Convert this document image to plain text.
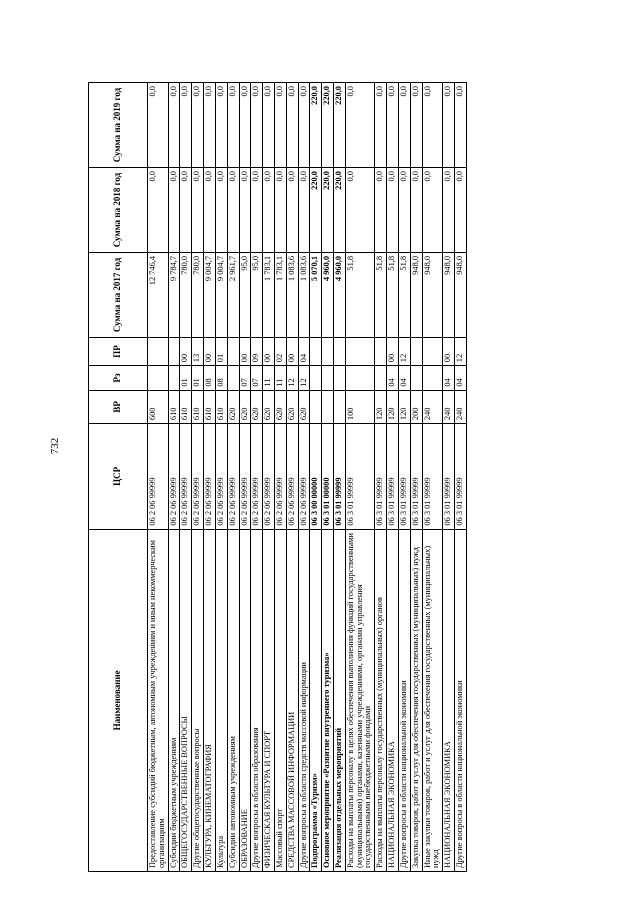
732
Наименование	ЦСР	ВР	Рз	ПР	Сумма на 2017 год	Сумма на 2018 год	Сумма на 2019 год
Предоставление субсидий бюджетным, автономным учреждениям и иным некоммерческим организациям	06 2 06 99999	600			12 746,4	0,0	0,0
Субсидии бюджетным учреждениям	06 2 06 99999	610			9 784,7	0,0	0,0
ОБЩЕГОСУДАРСТВЕННЫЕ ВОПРОСЫ	06 2 06 99999	610	01	00	780,0	0,0	0,0
Другие общегосударственные вопросы	06 2 06 99999	610	01	13	780,0	0,0	0,0
КУЛЬТУРА, КИНЕМАТОГРАФИЯ	06 2 06 99999	610	08	00	9 004,7	0,0	0,0
Культура	06 2 06 99999	610	08	01	9 004,7	0,0	0,0
Субсидии автономным учреждениям	06 2 06 99999	620			2 961,7	0,0	0,0
ОБРАЗОВАНИЕ	06 2 06 99999	620	07	00	95,0	0,0	0,0
Другие вопросы в области образования	06 2 06 99999	620	07	09	95,0	0,0	0,0
ФИЗИЧЕСКАЯ КУЛЬТУРА И СПОРТ	06 2 06 99999	620	11	00	1 783,1	0,0	0,0
Массовый спорт	06 2 06 99999	620	11	02	1 783,1	0,0	0,0
СРЕДСТВА МАССОВОЙ ИНФОРМАЦИИ	06 2 06 99999	620	12	00	1 083,6	0,0	0,0
Другие вопросы в области средств массовой информации	06 2 06 99999	620	12	04	1 083,6	0,0	0,0
Подпрограмма «Туризм»	06 3 00 00000				5 070,1	220,0	220,0
Основное мероприятие «Развитие внутреннего туризма»	06 3 01 00000				4 960,0	220,0	220,0
Реализация отдельных мероприятий	06 3 01 99999				4 960,0	220,0	220,0
Расходы на выплаты персоналу в целях обеспечения выполнения функций государственными (муниципальными) органами, казенными учреждениями, органами управления государственными внебюджетными фондами	06 3 01 99999	100			51,8	0,0	0,0
Расходы на выплаты персоналу государственных (муниципальных) органов	06 3 01 99999	120			51,8	0,0	0,0
НАЦИОНАЛЬНАЯ ЭКОНОМИКА	06 3 01 99999	120	04	00	51,8	0,0	0,0
Другие вопросы в области национальной экономики	06 3 01 99999	120	04	12	51,8	0,0	0,0
Закупка товаров, работ и услуг для обеспечения государственных (муниципальных) нужд	06 3 01 99999	200			948,0	0,0	0,0
Иные закупки товаров, работ и услуг для обеспечения государственных (муниципальных) нужд	06 3 01 99999	240			948,0	0,0	0,0
НАЦИОНАЛЬНАЯ ЭКОНОМИКА	06 3 01 99999	240	04	00	948,0	0,0	0,0
Другие вопросы в области национальной экономики	06 3 01 99999	240	04	12	948,0	0,0	0,0
